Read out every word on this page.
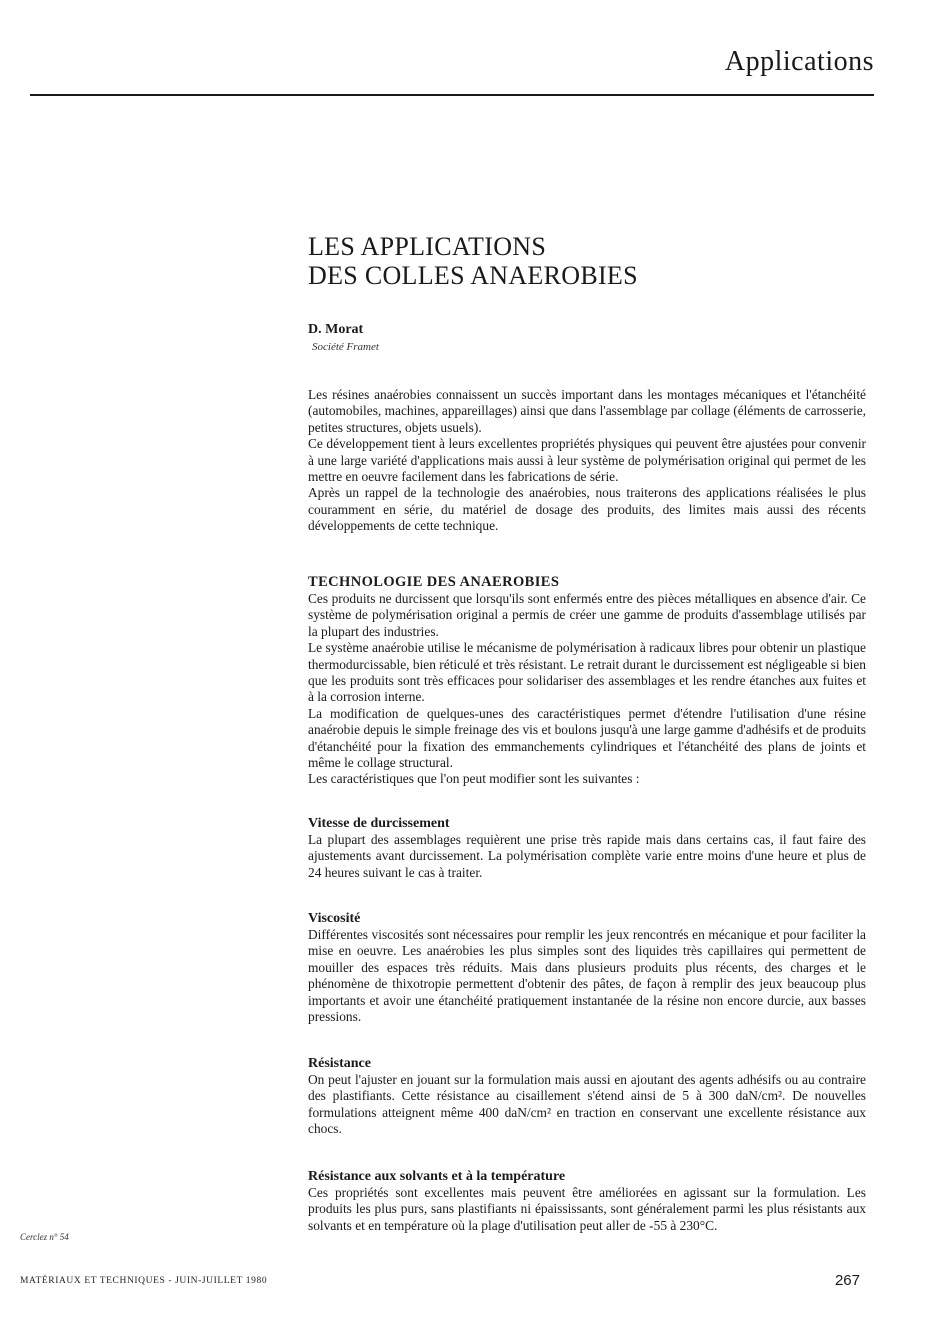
Applications
LES APPLICATIONS
DES COLLES ANAEROBIES
D. Morat
Société Framet

Les résines anaérobies connaissent un succès important dans les montages mécaniques et l'étanchéité (automobiles, machines, appareillages) ainsi que dans l'assemblage par collage (éléments de carrosserie, petites structures, objets usuels).

Ce développement tient à leurs excellentes propriétés physiques qui peuvent être ajustées pour convenir à une large variété d'applications mais aussi à leur système de polymérisation original qui permet de les mettre en oeuvre facilement dans les fabrications de série.

Après un rappel de la technologie des anaérobies, nous traiterons des applications réalisées le plus couramment en série, du matériel de dosage des produits, des limites mais aussi des récents développements de cette technique.

TECHNOLOGIE DES ANAEROBIES

Ces produits ne durcissent que lorsqu'ils sont enfermés entre des pièces métalliques en absence d'air. Ce système de polymérisation original a permis de créer une gamme de produits d'assemblage utilisés par la plupart des industries.

Le système anaérobie utilise le mécanisme de polymérisation à radicaux libres pour obtenir un plastique thermodurcissable, bien réticulé et très résistant. Le retrait durant le durcissement est négligeable si bien que les produits sont très efficaces pour solidariser des assemblages et les rendre étanches aux fuites et à la corrosion interne.

La modification de quelques-unes des caractéristiques permet d'étendre l'utilisation d'une résine anaérobie depuis le simple freinage des vis et boulons jusqu'à une large gamme d'adhésifs et de produits d'étanchéité pour la fixation des emmanchements cylindriques et l'étanchéité des plans de joints et même le collage structural.

Les caractéristiques que l'on peut modifier sont les suivantes :

Vitesse de durcissement

La plupart des assemblages requièrent une prise très rapide mais dans certains cas, il faut faire des ajustements avant durcissement. La polymérisation complète varie entre moins d'une heure et plus de 24 heures suivant le cas à traiter.

Viscosité

Différentes viscosités sont nécessaires pour remplir les jeux rencontrés en mécanique et pour faciliter la mise en oeuvre. Les anaérobies les plus simples sont des liquides très capillaires qui permettent de mouiller des espaces très réduits. Mais dans plusieurs produits plus récents, des charges et le phénomène de thixotropie permettent d'obtenir des pâtes, de façon à remplir des jeux beaucoup plus importants et avoir une étanchéité pratiquement instantanée de la résine non encore durcie, aux basses pressions.

Résistance

On peut l'ajuster en jouant sur la formulation mais aussi en ajoutant des agents adhésifs ou au contraire des plastifiants. Cette résistance au cisaillement s'étend ainsi de 5 à 300 daN/cm². De nouvelles formulations atteignent même 400 daN/cm² en traction en conservant une excellente résistance aux chocs.

Résistance aux solvants et à la température

Ces propriétés sont excellentes mais peuvent être améliorées en agissant sur la formulation. Les produits les plus purs, sans plastifiants ni épaississants, sont généralement parmi les plus résistants aux solvants et en température où la plage d'utilisation peut aller de -55 à 230°C.

Cerclez n° 54
MATÉRIAUX ET TECHNIQUES - JUIN-JUILLET 1980	267
